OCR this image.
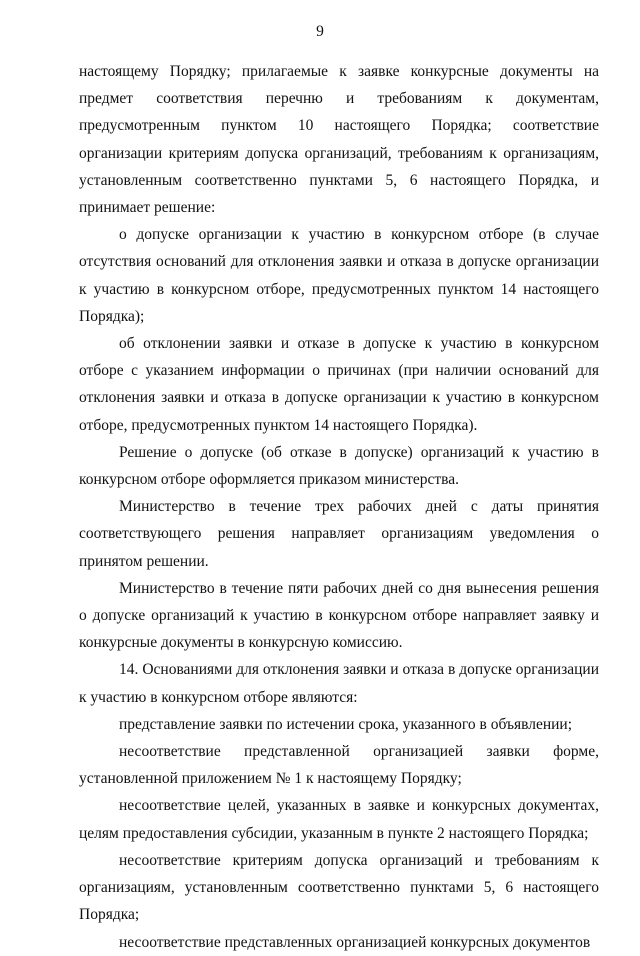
9

настоящему Порядку; прилагаемые к заявке конкурсные документы на предмет соответствия перечню и требованиям к документам, предусмотренным пунктом 10 настоящего Порядка; соответствие организации критериям допуска организаций, требованиям к организациям, установленным соответственно пунктами 5, 6 настоящего Порядка, и принимает решение:

о допуске организации к участию в конкурсном отборе (в случае отсутствия оснований для отклонения заявки и отказа в допуске организации к участию в конкурсном отборе, предусмотренных пунктом 14 настоящего Порядка);

об отклонении заявки и отказе в допуске к участию в конкурсном отборе с указанием информации о причинах (при наличии оснований для отклонения заявки и отказа в допуске организации к участию в конкурсном отборе, предусмотренных пунктом 14 настоящего Порядка).

Решение о допуске (об отказе в допуске) организаций к участию в конкурсном отборе оформляется приказом министерства.

Министерство в течение трех рабочих дней с даты принятия соответствующего решения направляет организациям уведомления о принятом решении.

Министерство в течение пяти рабочих дней со дня вынесения решения о допуске организаций к участию в конкурсном отборе направляет заявку и конкурсные документы в конкурсную комиссию.

14. Основаниями для отклонения заявки и отказа в допуске организации к участию в конкурсном отборе являются:

представление заявки по истечении срока, указанного в объявлении;

несоответствие представленной организацией заявки форме, установленной приложением № 1 к настоящему Порядку;

несоответствие целей, указанных в заявке и конкурсных документах, целям предоставления субсидии, указанным в пункте 2 настоящего Порядка;

несоответствие критериям допуска организаций и требованиям к организациям, установленным соответственно пунктами 5, 6 настоящего Порядка;

несоответствие представленных организацией конкурсных документов
